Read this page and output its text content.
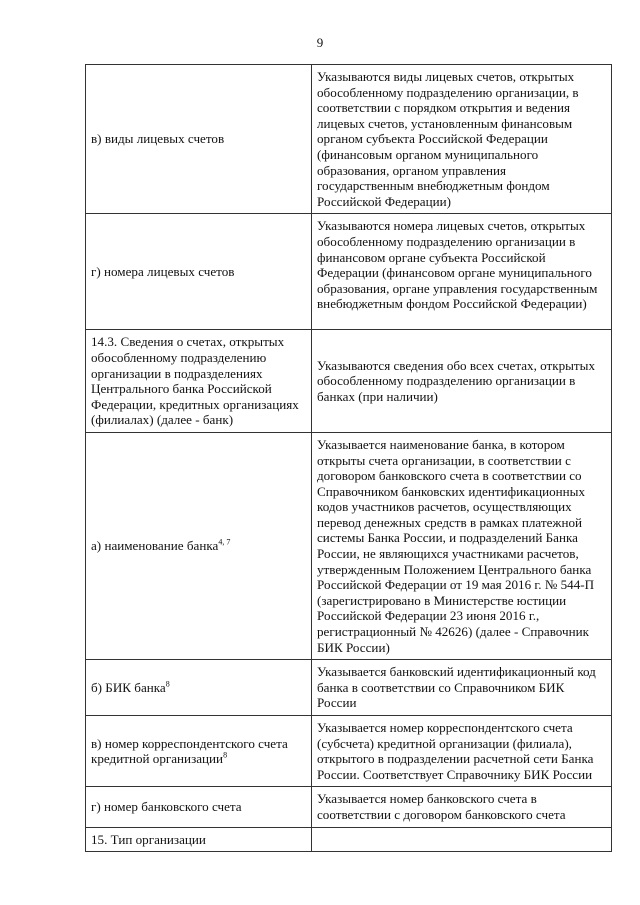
9
в) виды лицевых счетов	Указываются виды лицевых счетов, открытых обособленному подразделению организации, в соответствии с порядком открытия и ведения лицевых счетов, установленным финансовым органом субъекта Российской Федерации (финансовым органом муниципального образования, органом управления государственным внебюджетным фондом Российской Федерации)
г) номера лицевых счетов	Указываются номера лицевых счетов, открытых обособленному подразделению организации в финансовом органе субъекта Российской Федерации (финансовом органе муниципального образования, органе управления государственным внебюджетным фондом Российской Федерации)
14.3. Сведения о счетах, открытых обособленному подразделению организации в подразделениях Центрального банка Российской Федерации, кредитных организациях (филиалах) (далее - банк)	Указываются сведения обо всех счетах, открытых обособленному подразделению организации в банках (при наличии)
а) наименование банка$^{4, 7}$	Указывается наименование банка, в котором открыты счета организации, в соответствии с договором банковского счета в соответствии со Справочником банковских идентификационных кодов участников расчетов, осуществляющих перевод денежных средств в рамках платежной системы Банка России, и подразделений Банка России, не являющихся участниками расчетов, утвержденным Положением Центрального банка Российской Федерации от 19 мая 2016 г. № 544-П (зарегистрировано в Министерстве юстиции Российской Федерации 23 июня 2016 г., регистрационный № 42626) (далее - Справочник БИК России)
б) БИК банка$^8$	Указывается банковский идентификационный код банка в соответствии со Справочником БИК России
в) номер корреспондентского счета кредитной организации$^8$	Указывается номер корреспондентского счета (субсчета) кредитной организации (филиала), открытого в подразделении расчетной сети Банка России. Соответствует Справочнику БИК России
г) номер банковского счета	Указывается номер банковского счета в соответствии с договором банковского счета
15. Тип организации	
